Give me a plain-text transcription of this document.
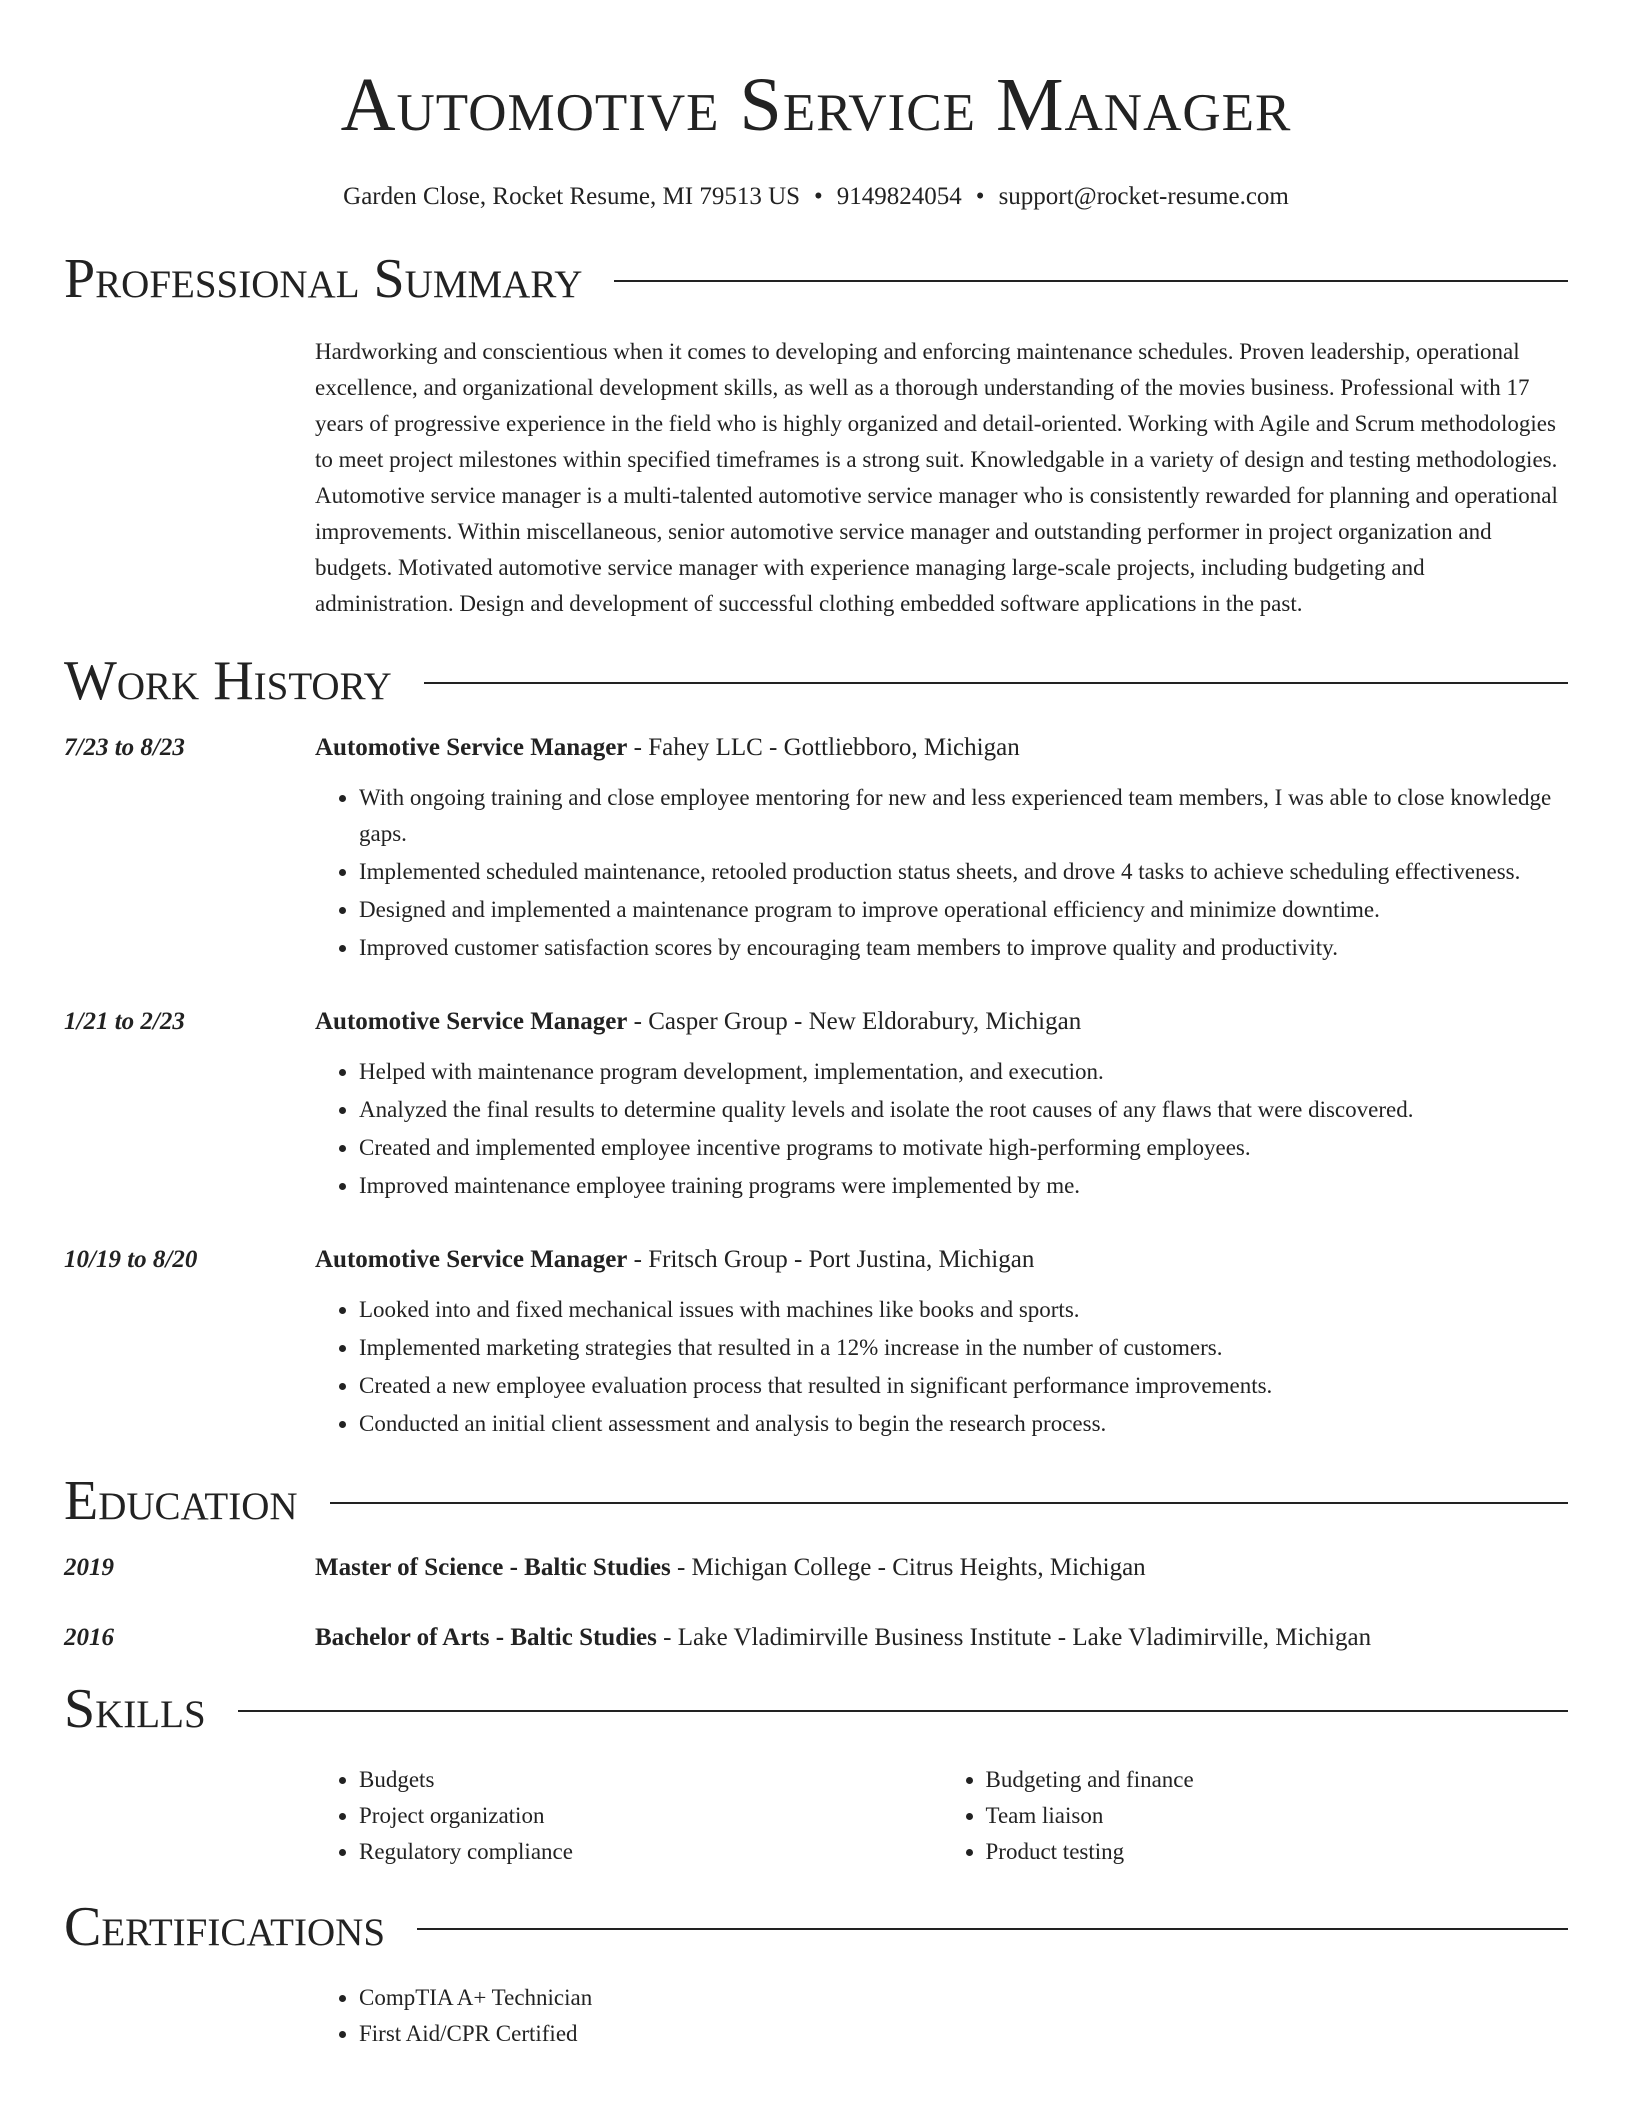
Automotive Service Manager
Garden Close, Rocket Resume, MI 79513 US • 9149824054 • support@rocket-resume.com
Professional Summary
Hardworking and conscientious when it comes to developing and enforcing maintenance schedules. Proven leadership, operational excellence, and organizational development skills, as well as a thorough understanding of the movies business. Professional with 17 years of progressive experience in the field who is highly organized and detail-oriented. Working with Agile and Scrum methodologies to meet project milestones within specified timeframes is a strong suit. Knowledgable in a variety of design and testing methodologies. Automotive service manager is a multi-talented automotive service manager who is consistently rewarded for planning and operational improvements. Within miscellaneous, senior automotive service manager and outstanding performer in project organization and budgets. Motivated automotive service manager with experience managing large-scale projects, including budgeting and administration. Design and development of successful clothing embedded software applications in the past.
Work History
7/23 to 8/23	Automotive Service Manager - Fahey LLC - Gottliebboro, Michigan
• With ongoing training and close employee mentoring for new and less experienced team members, I was able to close knowledge gaps.
• Implemented scheduled maintenance, retooled production status sheets, and drove 4 tasks to achieve scheduling effectiveness.
• Designed and implemented a maintenance program to improve operational efficiency and minimize downtime.
• Improved customer satisfaction scores by encouraging team members to improve quality and productivity.
1/21 to 2/23	Automotive Service Manager - Casper Group - New Eldorabury, Michigan
• Helped with maintenance program development, implementation, and execution.
• Analyzed the final results to determine quality levels and isolate the root causes of any flaws that were discovered.
• Created and implemented employee incentive programs to motivate high-performing employees.
• Improved maintenance employee training programs were implemented by me.
10/19 to 8/20	Automotive Service Manager - Fritsch Group - Port Justina, Michigan
• Looked into and fixed mechanical issues with machines like books and sports.
• Implemented marketing strategies that resulted in a 12% increase in the number of customers.
• Created a new employee evaluation process that resulted in significant performance improvements.
• Conducted an initial client assessment and analysis to begin the research process.
Education
2019	Master of Science - Baltic Studies - Michigan College - Citrus Heights, Michigan
2016	Bachelor of Arts - Baltic Studies - Lake Vladimirville Business Institute - Lake Vladimirville, Michigan
Skills
• Budgets
• Project organization
• Regulatory compliance
• Budgeting and finance
• Team liaison
• Product testing
Certifications
• CompTIA A+ Technician
• First Aid/CPR Certified
